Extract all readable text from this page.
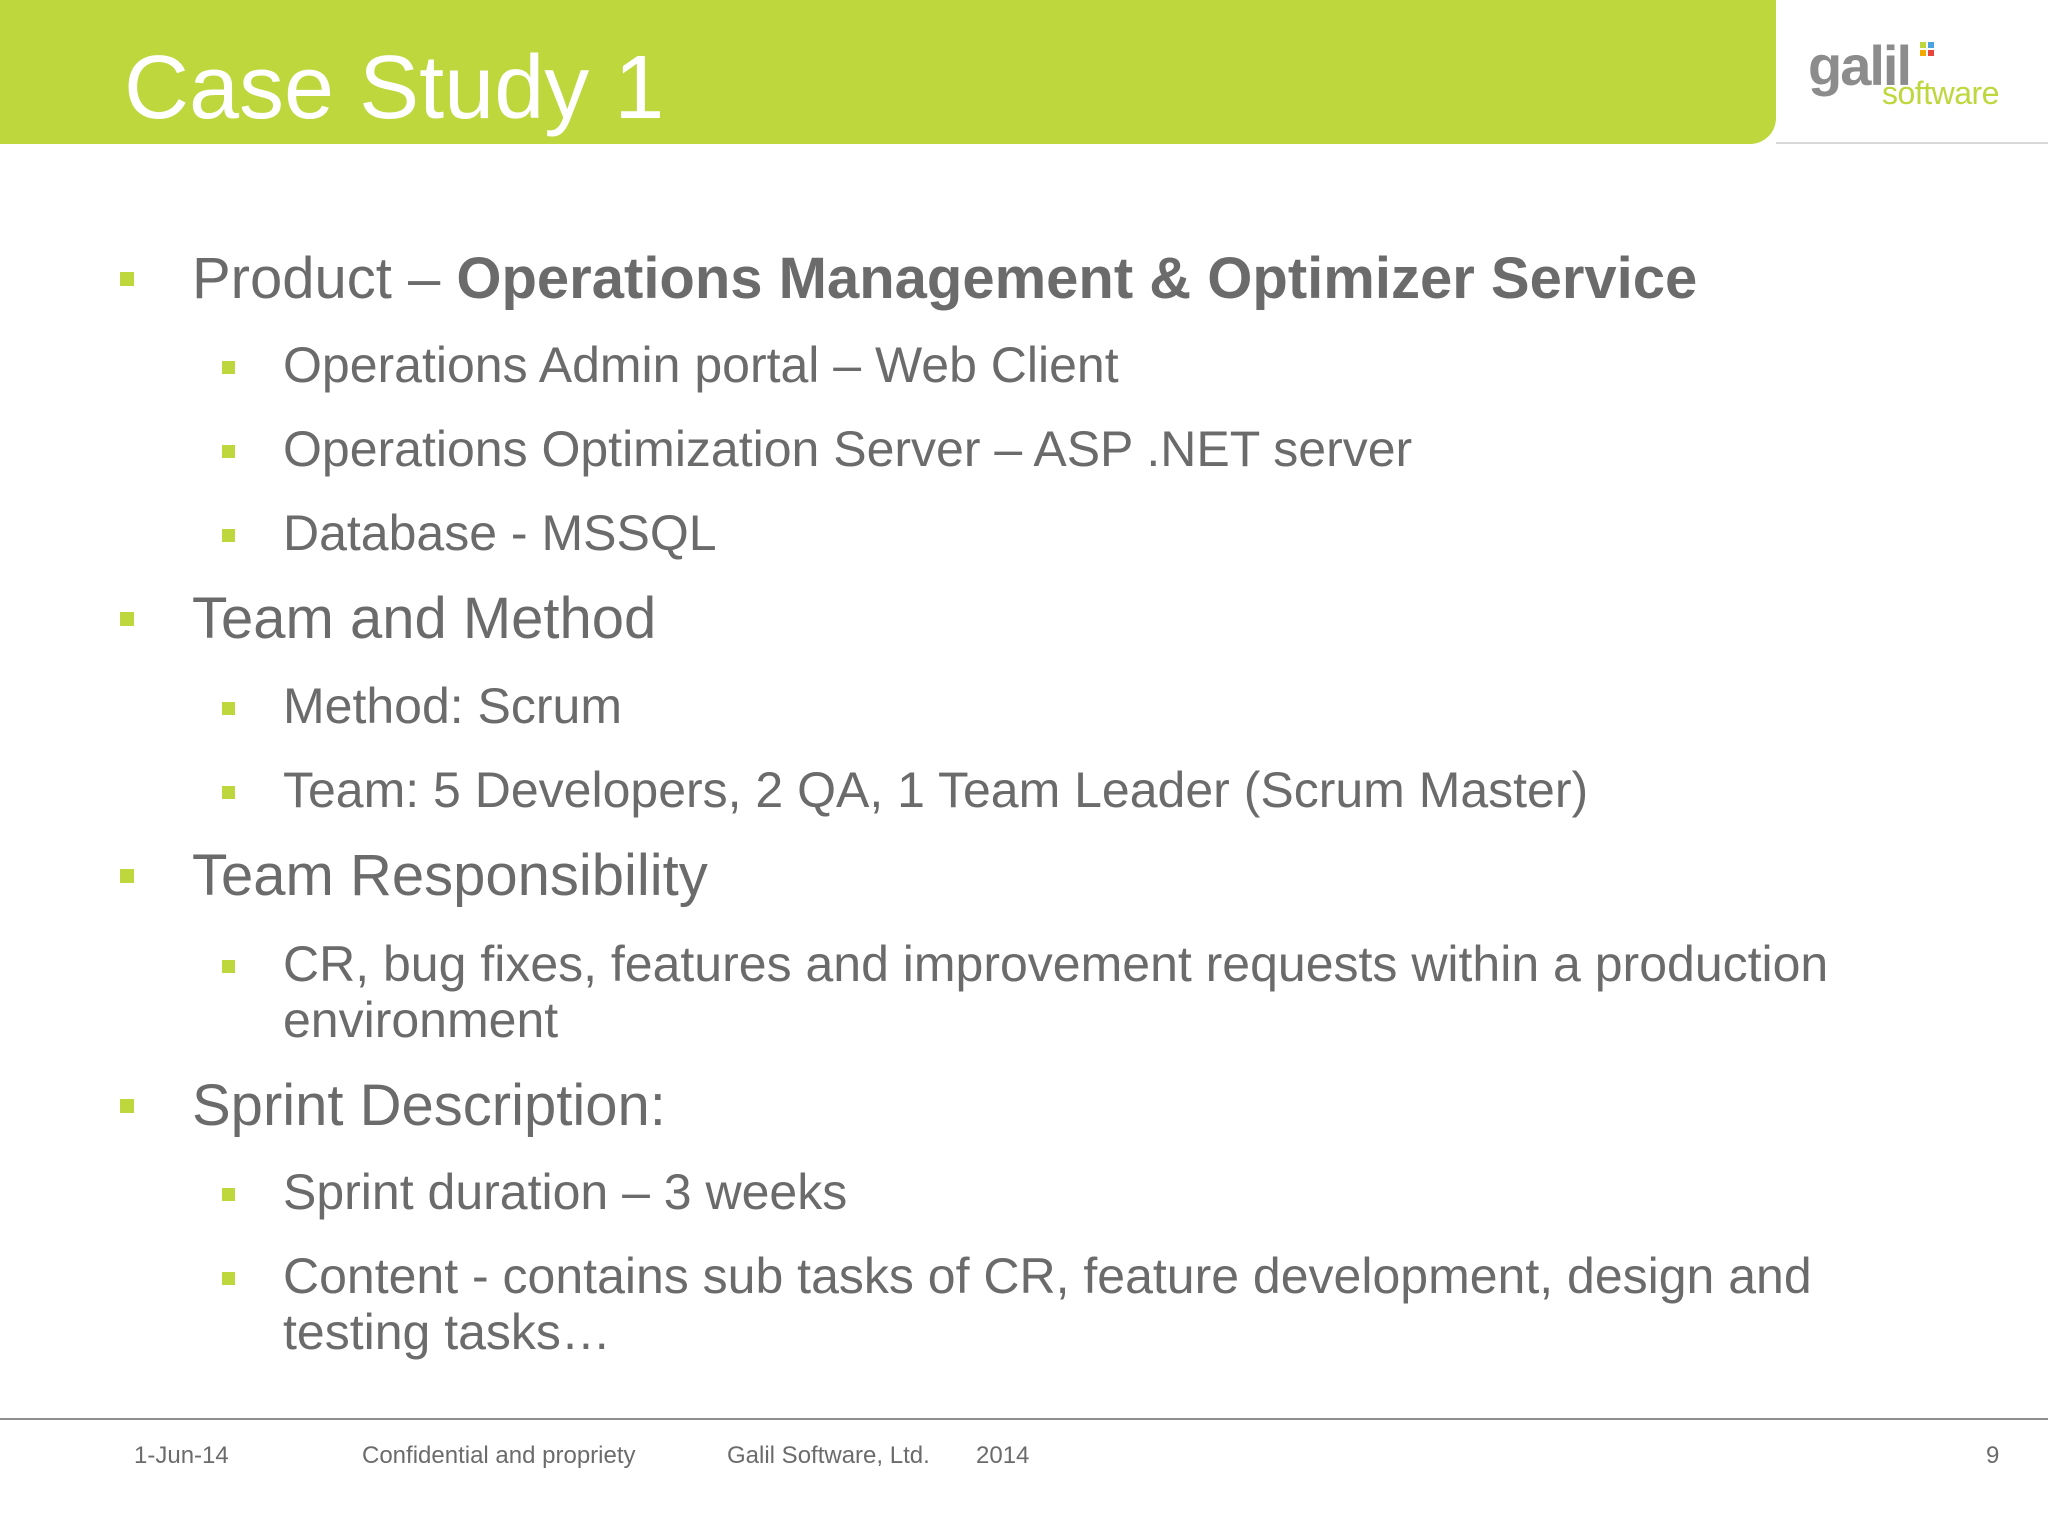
Case Study 1	galil
software
Product – Operations Management & Optimizer Service
Operations Admin portal – Web Client
Operations Optimization Server – ASP .NET server
Database - MSSQL
Team and Method
Method: Scrum
Team: 5 Developers, 2 QA, 1 Team Leader (Scrum Master)
Team Responsibility
CR, bug fixes, features and improvement requests within a production
environment
Sprint Description:
Sprint duration – 3 weeks
Content - contains sub tasks of CR, feature development, design and
testing tasks…
1-Jun-14	Confidential and propriety	Galil Software, Ltd. 2014	9
